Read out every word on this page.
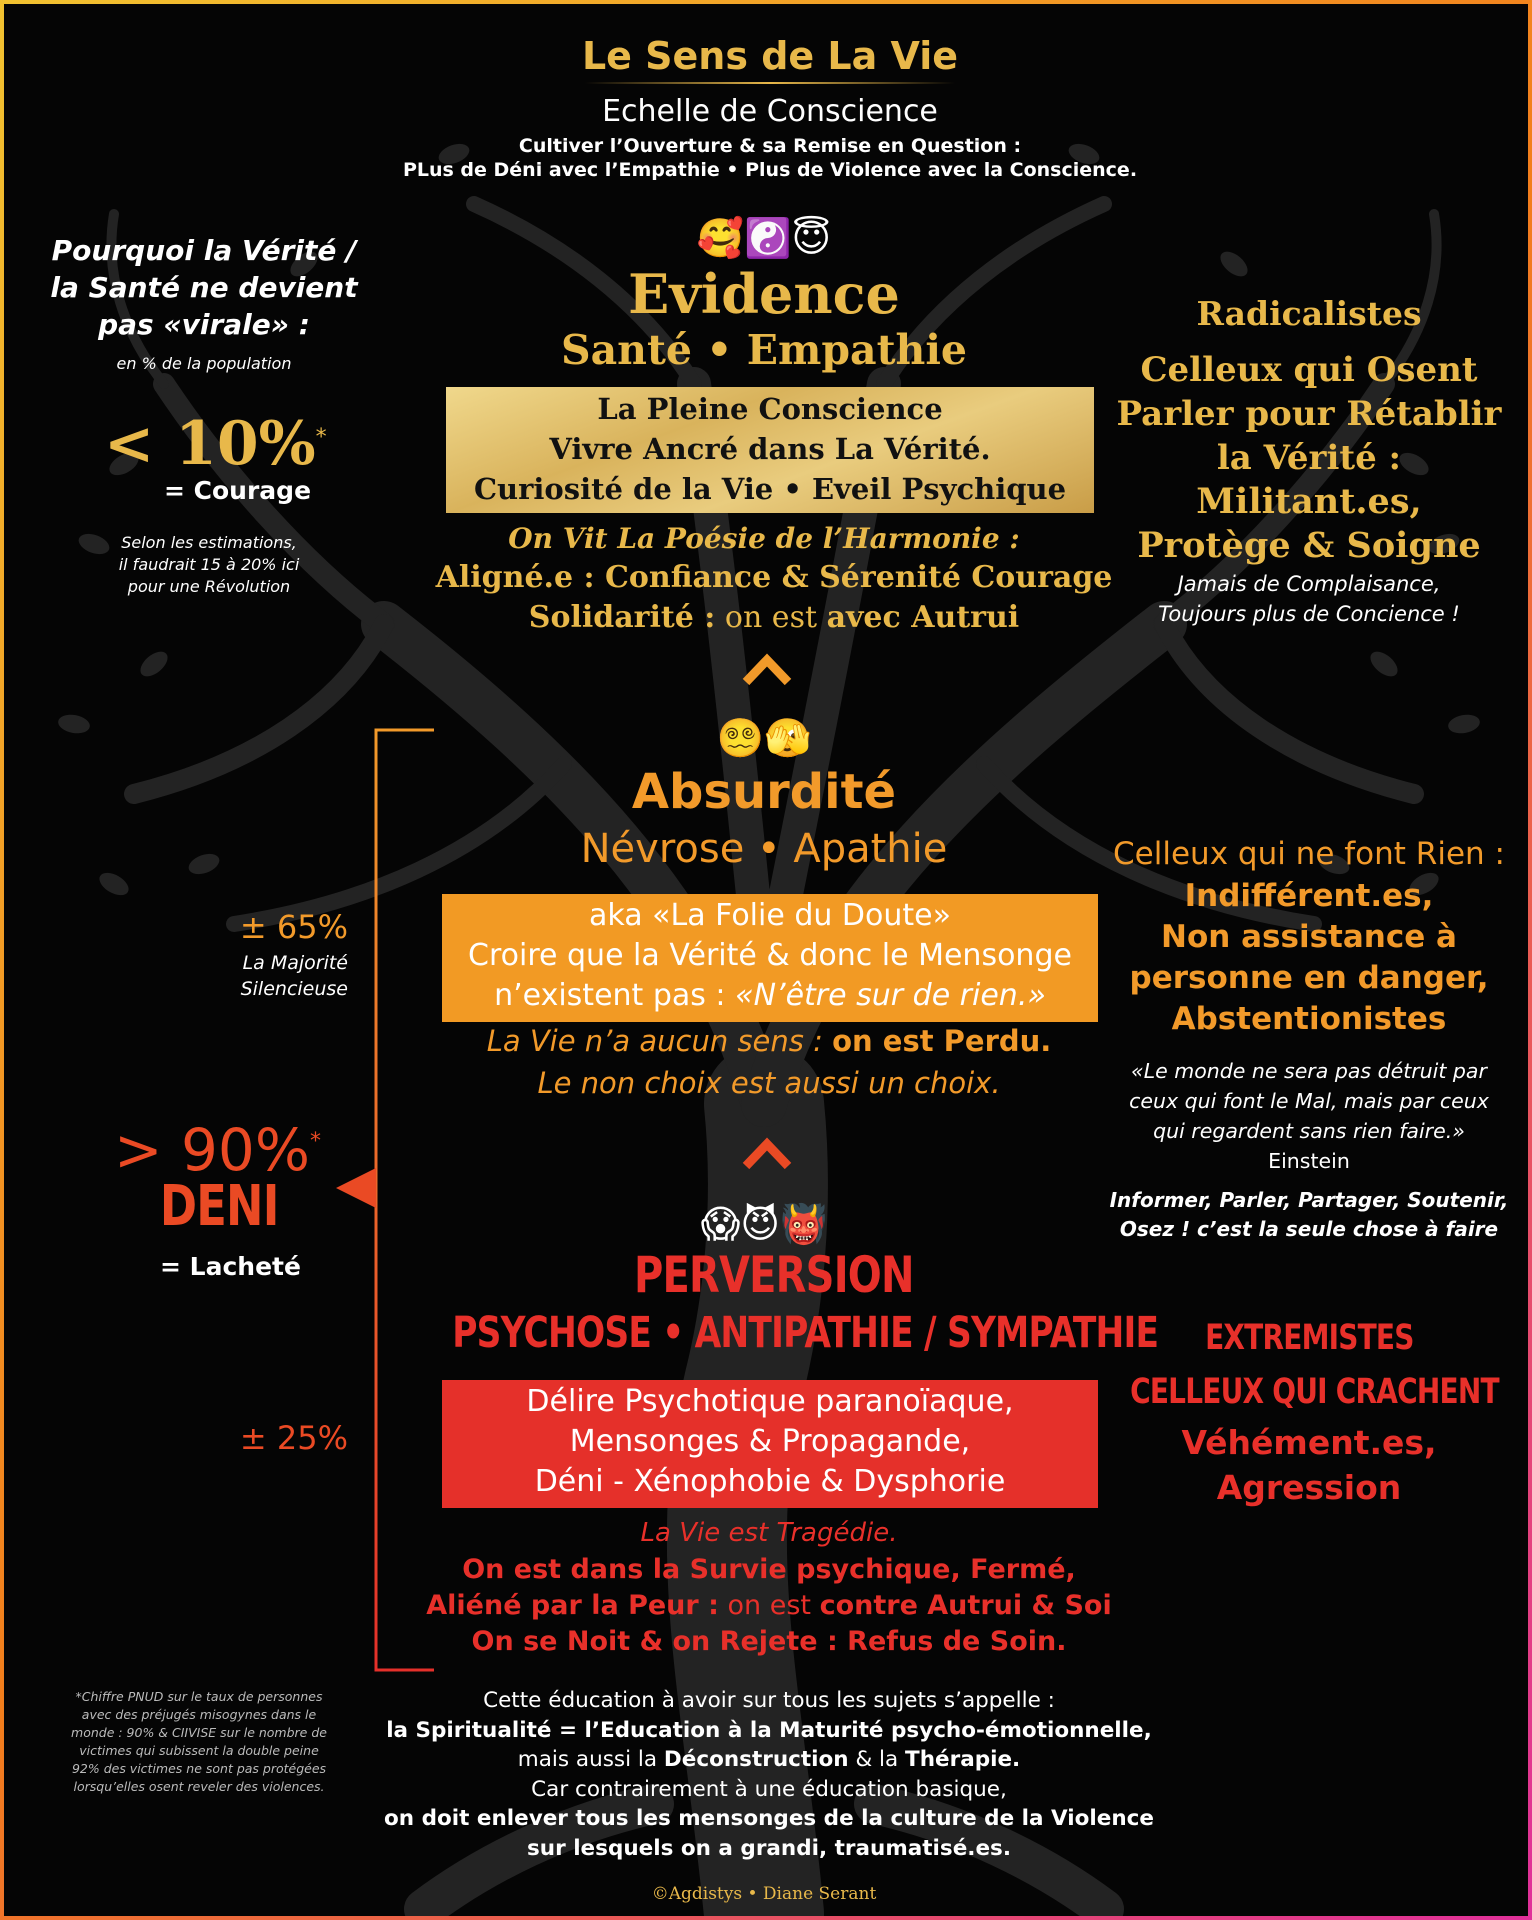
Le Sens de La Vie
Echelle de Conscience
Cultiver l’Ouverture & sa Remise en Question :
PLus de Déni avec l’Empathie • Plus de Violence avec la Conscience.
Pourquoi la Vérité /
la Santé ne devient
pas «virale» :
en % de la population
< 10%*
= Courage
Selon les estimations,
il faudrait 15 à 20% ici
pour une Révolution
± 65%
La Majorité
Silencieuse
> 90%*
DENI
= Lacheté
± 25%
*Chiffre PNUD sur le taux de personnes
avec des préjugés misogynes dans le
monde : 90% & CIIVISE sur le nombre de
victimes qui subissent la double peine
92% des victimes ne sont pas protégées
lorsqu’elles osent reveler des violences.
🥰☯️😇
Evidence
Santé • Empathie
La Pleine Conscience
Vivre Ancré dans La Vérité.
Curiosité de la Vie • Eveil Psychique
On Vit La Poésie de l’Harmonie :
Aligné.e : Confiance & Sérenité Courage
Solidarité : on est avec Autrui
😵‍💫🫣
Absurdité
Névrose • Apathie
aka «La Folie du Doute»
Croire que la Vérité & donc le Mensonge
n’existent pas : «N’être sur de rien.»
La Vie n’a aucun sens : on est Perdu.
Le non choix est aussi un choix.
😱😈👹
PERVERSION
PSYCHOSE • ANTIPATHIE / SYMPATHIE
Délire Psychotique paranoïaque,
Mensonges & Propagande,
Déni - Xénophobie & Dysphorie
La Vie est Tragédie.
On est dans la Survie psychique, Fermé,
Aliéné par la Peur : on est contre Autrui & Soi
On se Noit & on Rejete : Refus de Soin.
Radicalistes
Celleux qui Osent
Parler pour Rétablir
la Vérité :
Militant.es,
Protège & Soigne
Jamais de Complaisance,
Toujours plus de Concience !
Celleux qui ne font Rien :
Indifférent.es,
Non assistance à
personne en danger,
Abstentionistes
«Le monde ne sera pas détruit par
ceux qui font le Mal, mais par ceux
qui regardent sans rien faire.»
Einstein
Informer, Parler, Partager, Soutenir,
Osez ! c’est la seule chose à faire
EXTREMISTES
CELLEUX QUI CRACHENT
Véhément.es,
Agression
Cette éducation à avoir sur tous les sujets s’appelle :
la Spiritualité = l’Education à la Maturité psycho-émotionnelle,
mais aussi la Déconstruction & la Thérapie.
Car contrairement à une éducation basique,
on doit enlever tous les mensonges de la culture de la Violence
sur lesquels on a grandi, traumatisé.es.
©Agdistys • Diane Serant
